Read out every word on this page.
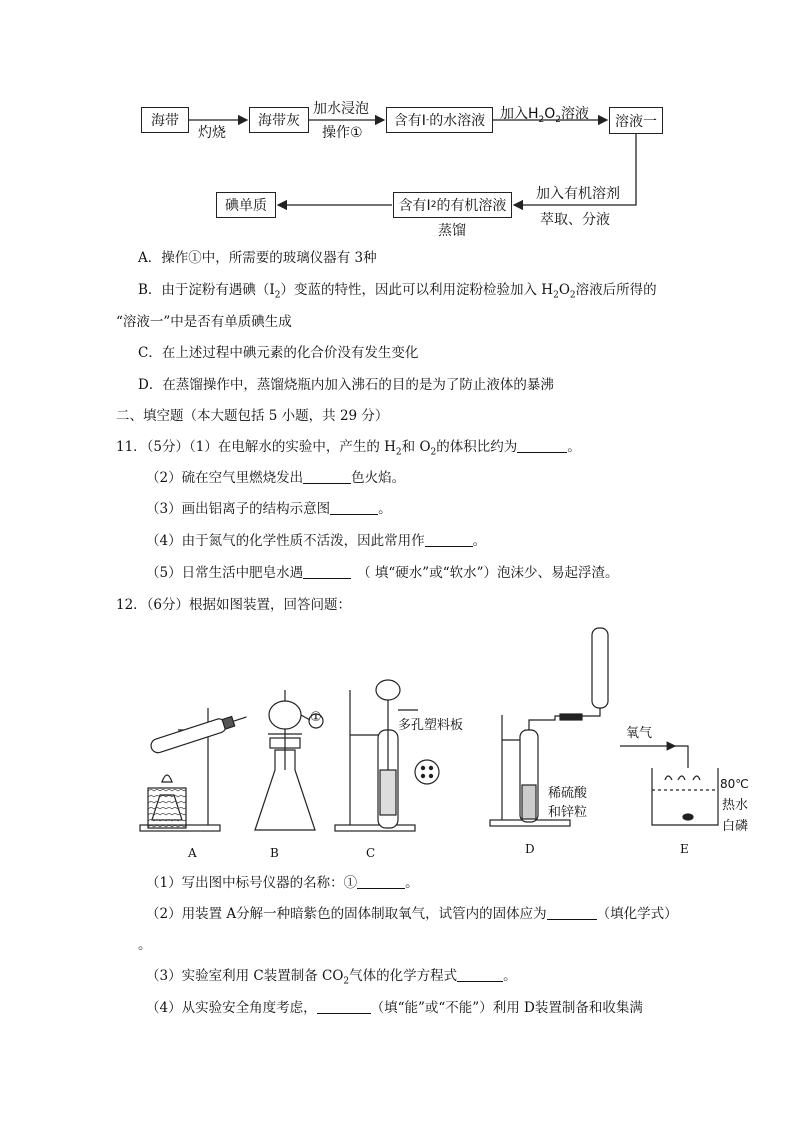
海带
灼烧
海带灰
加水浸泡
操作①
含有I - 的水溶液 加入$H_2O_2$溶液 溶液一
加入有机溶剂
萃取、分液
含有I 2 的有机溶液
蒸馏
碘单质
A．操作①中，所需要的玻璃仪器有 3种
B．由于淀粉有遇碘$(I_2)$变蓝的特性，因此可以利用淀粉检验加入 $H_2O_2$溶液后所得的
“溶液一”中是否有单质碘生成
C．在上述过程中碘元素的化合价没有发生变化
D．在蒸馏操作中，蒸馏烧瓶内加入沸石的目的是为了防止液体的暴沸
二、填空题（本大题包括 5 小题，共 29 分）
11．（5分）（1）在电解水的实验中，产生的 $H_2$和 $O_2$的体积比约为	。
（2）硫在空气里燃烧发出	色火焰。
（3）画出铝离子的结构示意图	。
（4）由于氮气的化学性质不活泼，因此常用作	。
（5）日常生活中肥皂水遇	（ 填“硬水”或“软水”）泡沫少、易起浮渣。
12．（6分）根据如图装置，回答问题：
①
多孔塑料板
稀硫酸
和锌粒
氧气
80℃
热水
白磷
A	B	C	D	E
（1）写出图中标号仪器的名称：①	。
（2）用装置 A分解一种暗紫色的固体制取氧气，试管内的固体应为	（填化学式）
。
（3）实验室利用 C装置制备 $CO_2$气体的化学方程式	。
（4）从实验安全角度考虑，	（填“能”或“不能”）利用 D装置制备和收集满
